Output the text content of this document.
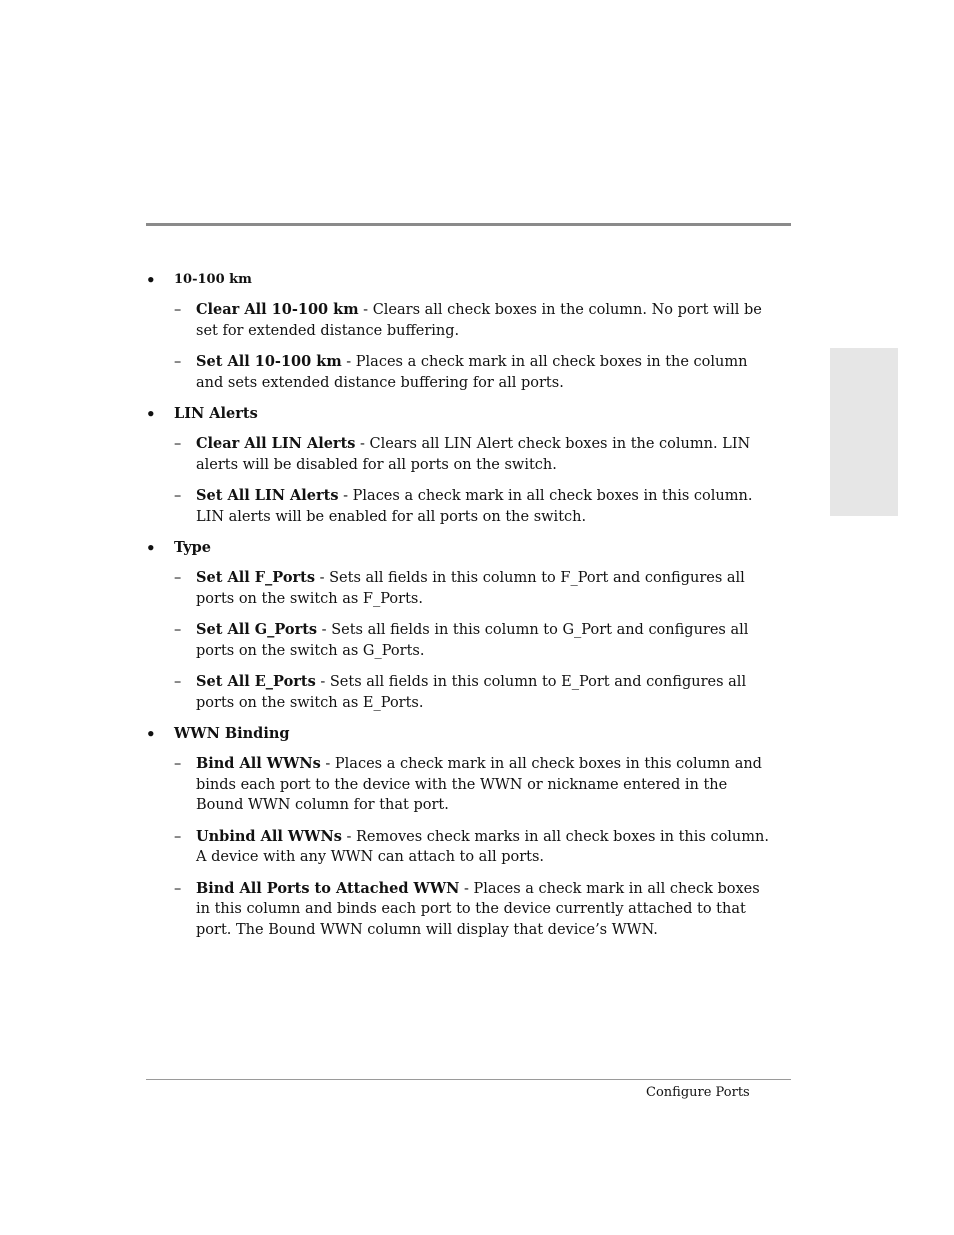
• 10-100 km
– Clear All 10-100 km - Clears all check boxes in the column. No port will be set for extended distance buffering.
– Set All 10-100 km - Places a check mark in all check boxes in the column and sets extended distance buffering for all ports.
• LIN Alerts
– Clear All LIN Alerts - Clears all LIN Alert check boxes in the column. LIN alerts will be disabled for all ports on the switch.
– Set All LIN Alerts - Places a check mark in all check boxes in this column. LIN alerts will be enabled for all ports on the switch.
• Type
– Set All F_Ports - Sets all fields in this column to F_Port and configures all ports on the switch as F_Ports.
– Set All G_Ports - Sets all fields in this column to G_Port and configures all ports on the switch as G_Ports.
– Set All E_Ports - Sets all fields in this column to E_Port and configures all ports on the switch as E_Ports.
• WWN Binding
– Bind All WWNs - Places a check mark in all check boxes in this column and binds each port to the device with the WWN or nickname entered in the Bound WWN column for that port.
– Unbind All WWNs - Removes check marks in all check boxes in this column. A device with any WWN can attach to all ports.
– Bind All Ports to Attached WWN - Places a check mark in all check boxes in this column and binds each port to the device currently attached to that port. The Bound WWN column will display that device’s WWN.
Configure Ports
